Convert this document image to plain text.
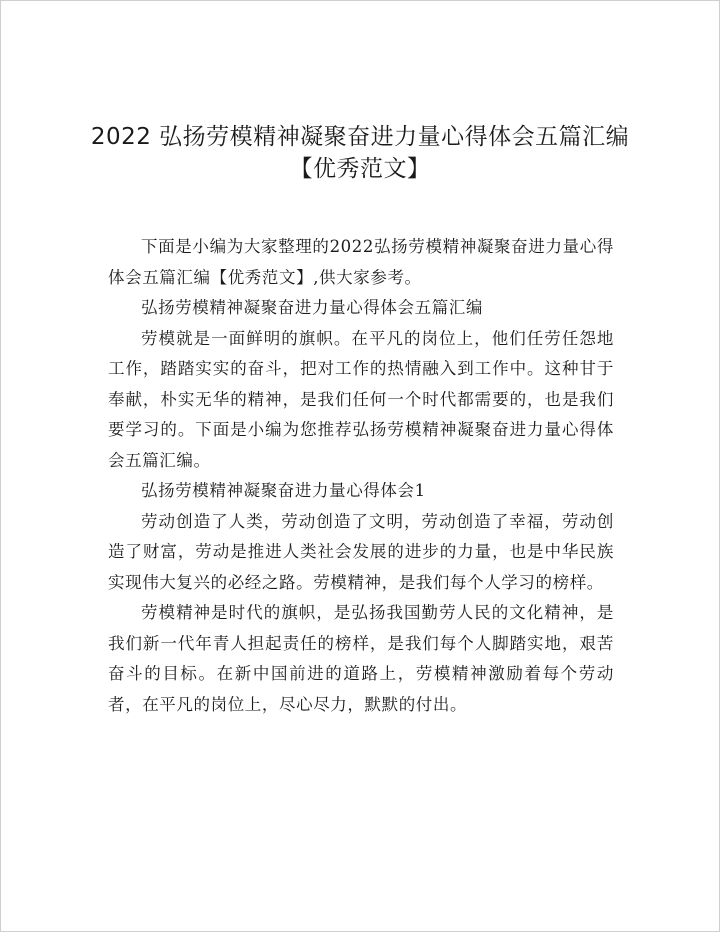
2022 弘扬劳模精神凝聚奋进力量心得体会五篇汇编【优秀范文】

下面是小编为大家整理的2022弘扬劳模精神凝聚奋进力量心得体会五篇汇编【优秀范文】,供大家参考。

弘扬劳模精神凝聚奋进力量心得体会五篇汇编

劳模就是一面鲜明的旗帜。在平凡的岗位上，他们任劳任怨地工作，踏踏实实的奋斗，把对工作的热情融入到工作中。这种甘于奉献，朴实无华的精神，是我们任何一个时代都需要的，也是我们要学习的。下面是小编为您推荐弘扬劳模精神凝聚奋进力量心得体会五篇汇编。

弘扬劳模精神凝聚奋进力量心得体会1

劳动创造了人类，劳动创造了文明，劳动创造了幸福，劳动创造了财富，劳动是推进人类社会发展的进步的力量，也是中华民族实现伟大复兴的必经之路。劳模精神，是我们每个人学习的榜样。

劳模精神是时代的旗帜，是弘扬我国勤劳人民的文化精神，是我们新一代年青人担起责任的榜样，是我们每个人脚踏实地，艰苦奋斗的目标。在新中国前进的道路上，劳模精神激励着每个劳动者，在平凡的岗位上，尽心尽力，默默的付出。
